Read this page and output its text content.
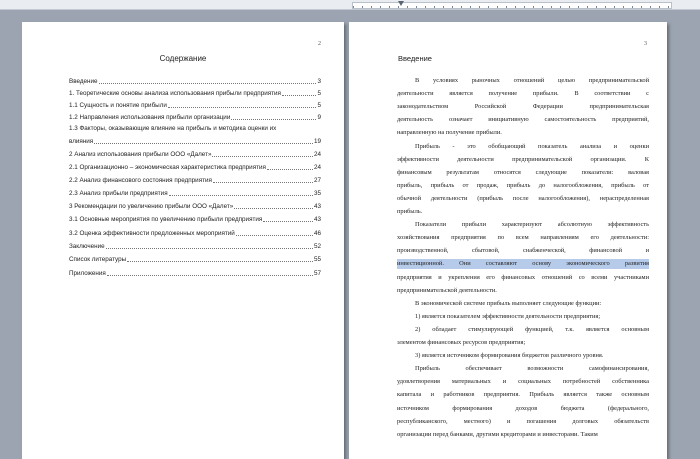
2
Содержание
Введение	3
1. Теоретические основы анализа использования прибыли предприятия	5
1.1 Сущность и понятие прибыли	5
1.2 Направления использования прибыли организации	9
1.3 Факторы, оказывающие влияние на прибыль и методика оценки их
влияния	19
2 Анализ использования прибыли ООО «Далет»	24
2.1 Организационно – экономическая характеристика предприятия	24
2.2 Анализ финансового состояния предприятия	27
2.3 Анализ прибыли предприятия	35
3 Рекомендации по увеличению прибыли ООО «Далет»	43
3.1 Основные мероприятия по увеличению прибыли предприятия	43
3.2 Оценка эффективности предложенных мероприятий	46
Заключение	52
Список литературы	55
Приложения	57
3
Введение
В условиях рыночных отношений целью предпринимательской
деятельности является получение прибыли. В соответствии с
законодательством Российской Федерации предпринимательская
деятельность означает инициативную самостоятельность предприятий,
направленную на получение прибыли.
Прибыль - это обобщающий показатель анализа и оценки
эффективности деятельности предпринимательской организации. К
финансовым результатам относятся следующие показатели: валовая
прибыль, прибыль от продаж, прибыль до налогообложения, прибыль от
обычной деятельности (прибыль после налогообложения), нераспределенная
прибыль.
Показатели прибыли характеризуют абсолютную эффективность
хозяйствования предприятия по всем направлениям его деятельности:
производственной, сбытовой, снабженческой, финансовой и
инвестиционной. Они составляют основу экономического развития
предприятия и укрепления его финансовых отношений со всеми участниками
предпринимательской деятельности.
В экономической системе прибыль выполняет следующие функции:
1) является показателем эффективности деятельности предприятия;
2) обладает стимулирующей функцией, т.к. является основным
элементом финансовых ресурсов предприятия;
3) является источником формирования бюджетов различного уровня.
Прибыль обеспечивает возможности самофинансирования,
удовлетворения материальных и социальных потребностей собственника
капитала и работников предприятия. Прибыль является также основным
источником формирования доходов бюджета (федерального,
республиканского, местного) и погашения долговых обязательств
организации перед банками, другими кредиторами и инвесторами. Таким
